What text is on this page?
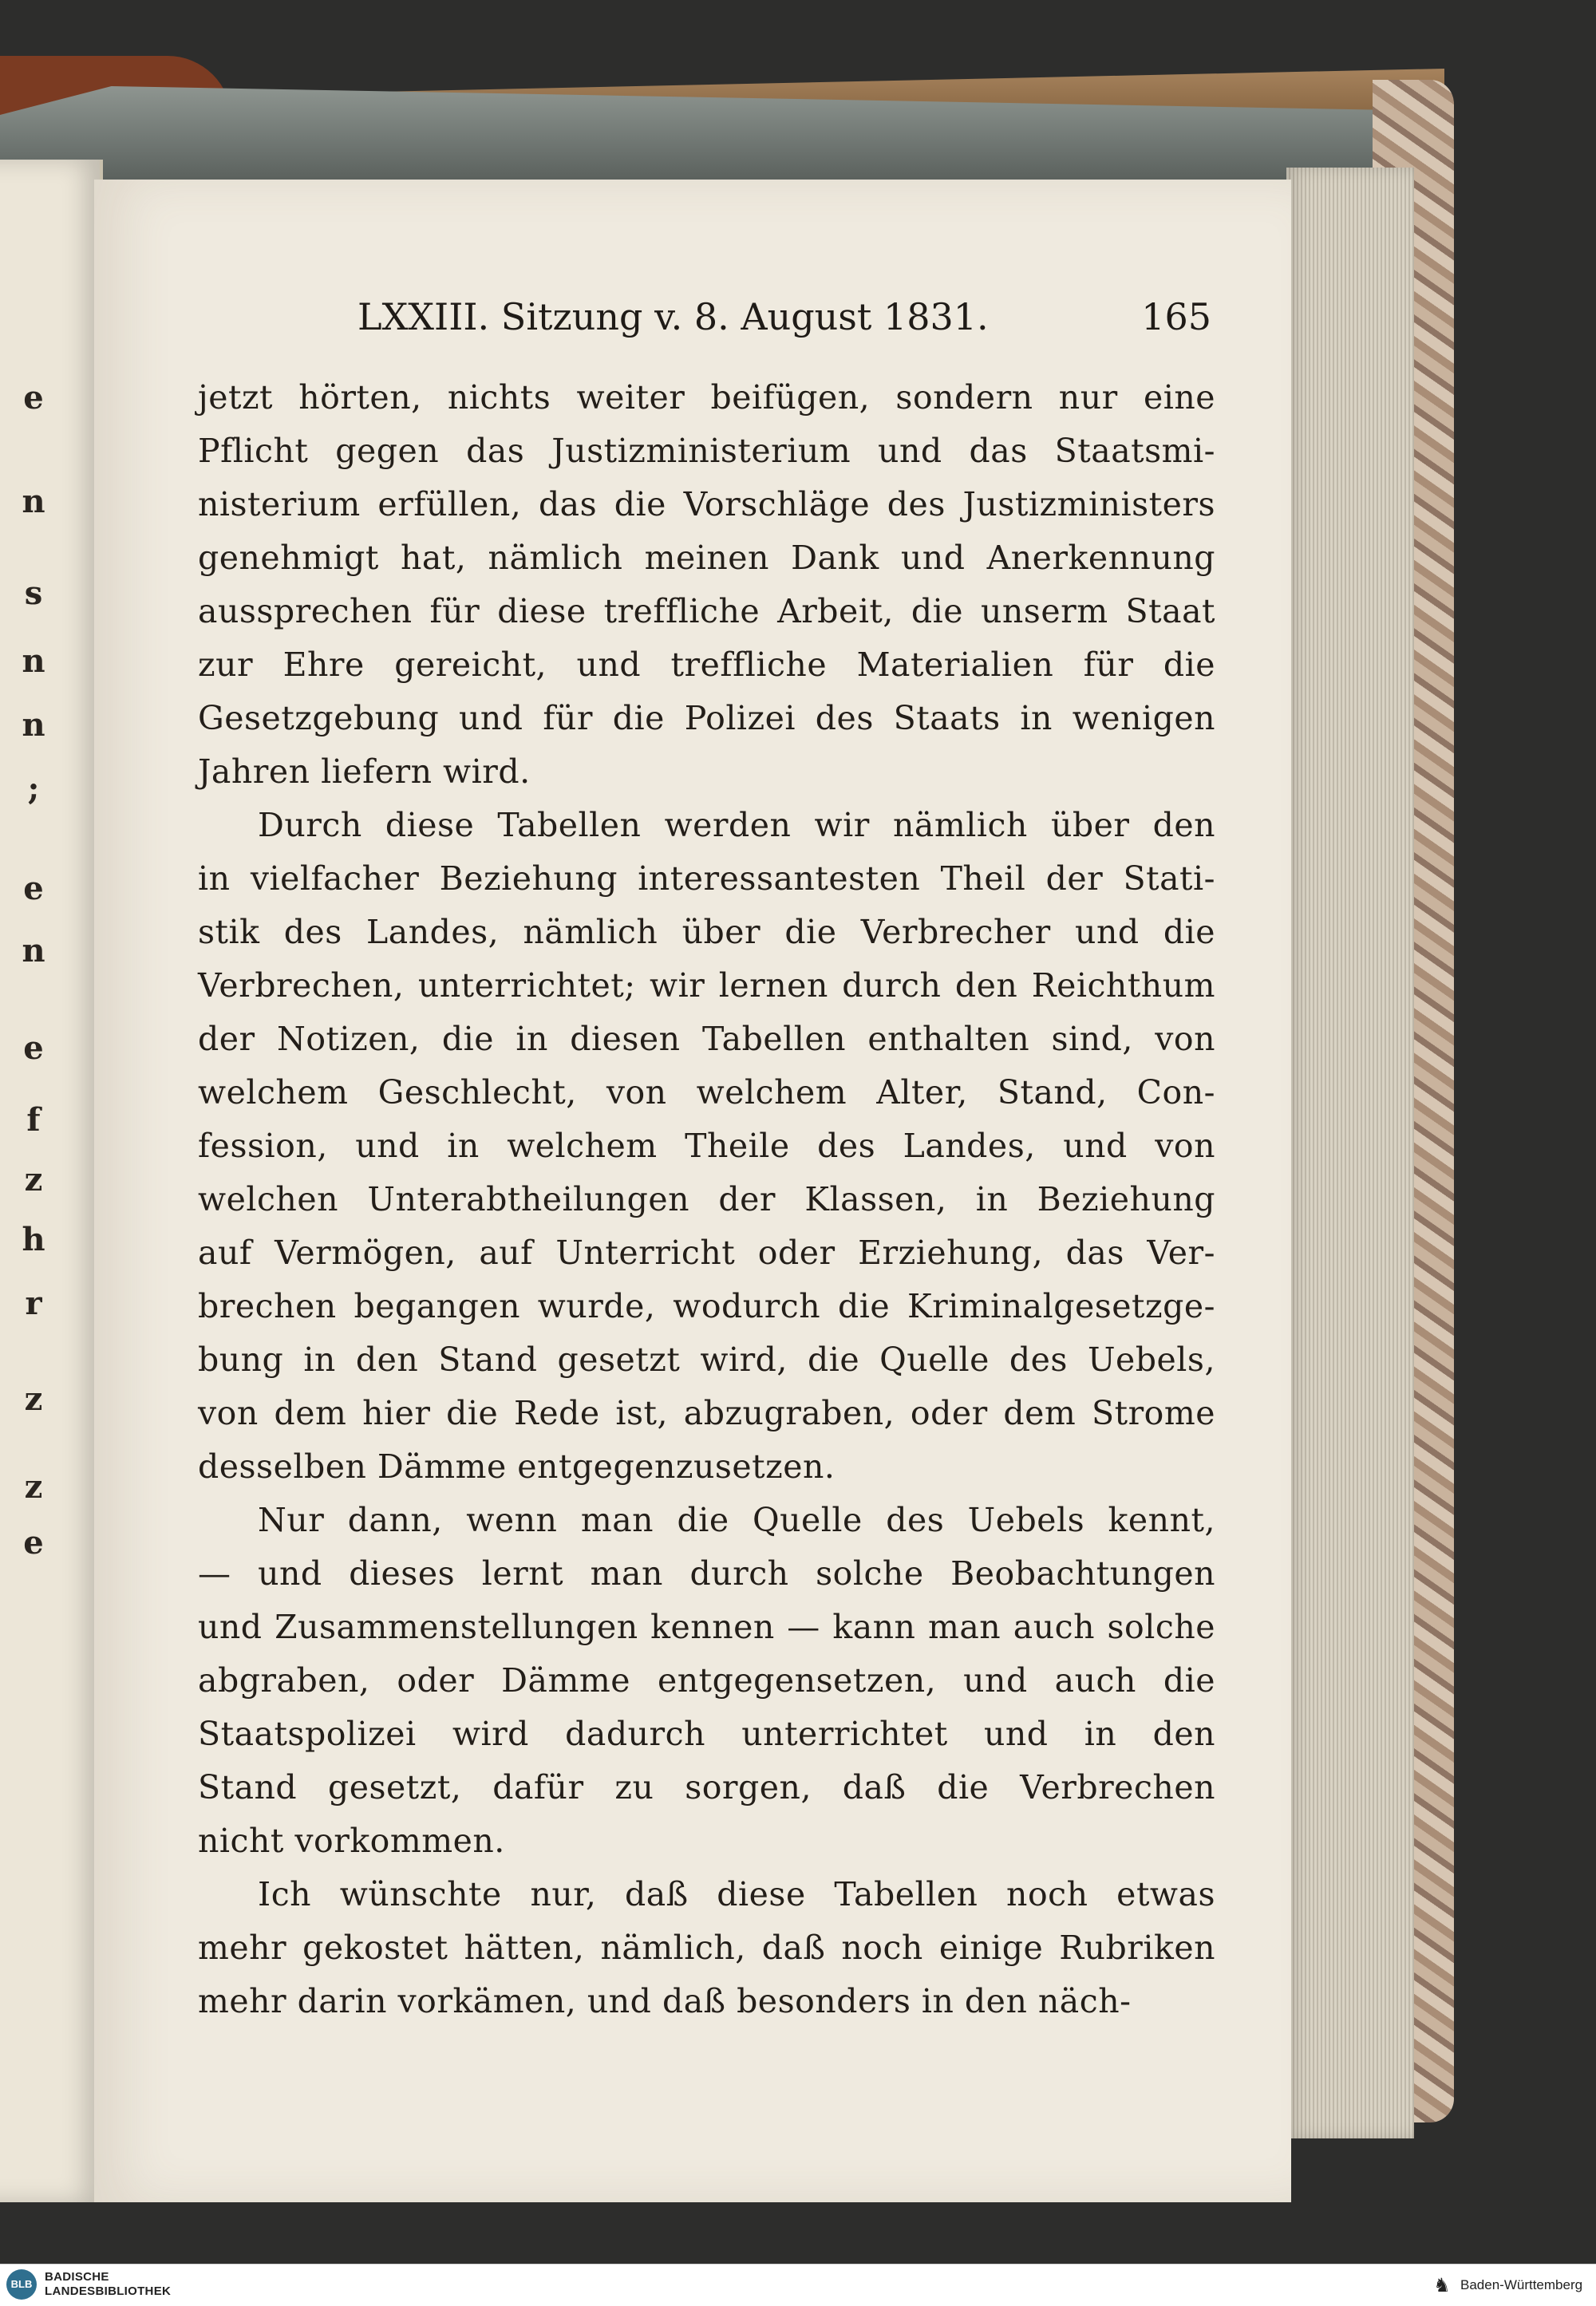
e
n
s
n
n
;
e
n
e
f
z
h
r
z
z
e
LXXIII. Sitzung v. 8. August 1831.	165
jetzt hörten, nichts weiter beifügen, sondern nur eine
Pflicht gegen das Justizministerium und das Staatsmi-
nisterium erfüllen, das die Vorschläge des Justizministers
genehmigt hat, nämlich meinen Dank und Anerkennung
aussprechen für diese treffliche Arbeit, die unserm Staat
zur Ehre gereicht, und treffliche Materialien für die
Gesetzgebung und für die Polizei des Staats in wenigen
Jahren liefern wird.
Durch diese Tabellen werden wir nämlich über den
in vielfacher Beziehung interessantesten Theil der Stati-
stik des Landes, nämlich über die Verbrecher und die
Verbrechen, unterrichtet; wir lernen durch den Reichthum
der Notizen, die in diesen Tabellen enthalten sind, von
welchem Geschlecht, von welchem Alter, Stand, Con-
fession, und in welchem Theile des Landes, und von
welchen Unterabtheilungen der Klassen, in Beziehung
auf Vermögen, auf Unterricht oder Erziehung, das Ver-
brechen begangen wurde, wodurch die Kriminalgesetzge-
bung in den Stand gesetzt wird, die Quelle des Uebels,
von dem hier die Rede ist, abzugraben, oder dem Strome
desselben Dämme entgegenzusetzen.
Nur dann, wenn man die Quelle des Uebels kennt,
— und dieses lernt man durch solche Beobachtungen
und Zusammenstellungen kennen — kann man auch solche
abgraben, oder Dämme entgegensetzen, und auch die
Staatspolizei wird dadurch unterrichtet und in den
Stand gesetzt, dafür zu sorgen, daß die Verbrechen
nicht vorkommen.
Ich wünschte nur, daß diese Tabellen noch etwas
mehr gekostet hätten, nämlich, daß noch einige Rubriken
mehr darin vorkämen, und daß besonders in den näch-
BLB
BADISCHE
LANDESBIBLIOTHEK	♞ Baden-Württemberg
